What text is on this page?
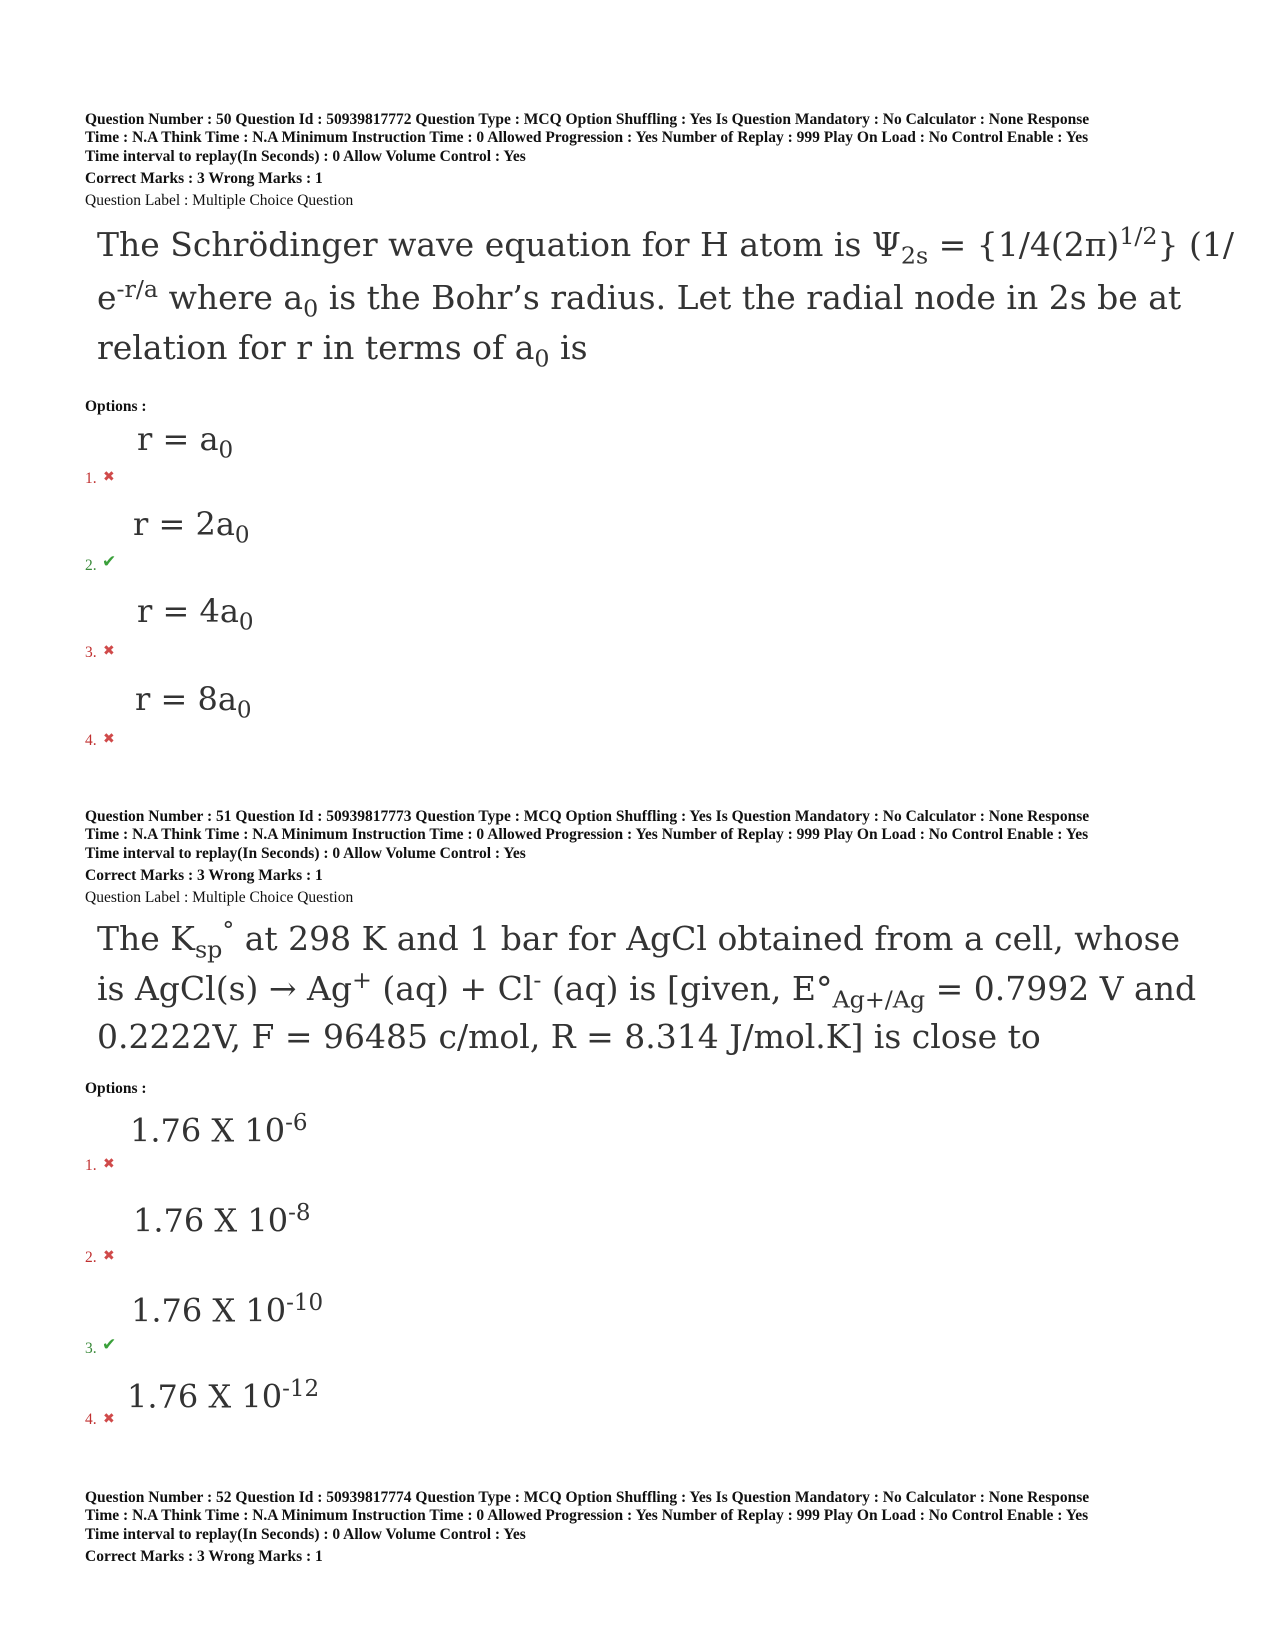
Question Number : 50 Question Id : 50939817772 Question Type : MCQ Option Shuffling : Yes Is Question Mandatory : No Calculator : None Response
Time : N.A Think Time : N.A Minimum Instruction Time : 0 Allowed Progression : Yes Number of Replay : 999 Play On Load : No Control Enable : Yes
Time interval to replay(In Seconds) : 0 Allow Volume Control : Yes
Correct Marks : 3 Wrong Marks : 1
Question Label : Multiple Choice Question
The Schrödinger wave equation for H atom is $\Psi_{2s} = \{1/4(2\pi)^{1/2}\}$ (1/
$e^{-r/a}$ where $a_0$ is the Bohr’s radius. Let the radial node in 2s be at
relation for r in terms of $a_0$ is
Options :
1. ✖
$r = a_0$
2. ✔
$r = 2a_0$
3. ✖
$r = 4a_0$
4. ✖
$r = 8a_0$
Question Number : 51 Question Id : 50939817773 Question Type : MCQ Option Shuffling : Yes Is Question Mandatory : No Calculator : None Response
Time : N.A Think Time : N.A Minimum Instruction Time : 0 Allowed Progression : Yes Number of Replay : 999 Play On Load : No Control Enable : Yes
Time interval to replay(In Seconds) : 0 Allow Volume Control : Yes
Correct Marks : 3 Wrong Marks : 1
Question Label : Multiple Choice Question
The $K_{sp}^\circ$ at 298 K and 1 bar for AgCl obtained from a cell, whose
is AgCl(s) → Ag+ (aq) + Cl- (aq) is [given, $E^\circ_{Ag+/Ag} = 0.7992$ V and
0.2222V, F = 96485 c/mol, R = 8.314 J/mol.K] is close to
Options :
1. ✖
1.76 X $10^{-6}$
2. ✖
1.76 X $10^{-8}$
3. ✔
1.76 X $10^{-10}$
4. ✖
1.76 X $10^{-12}$
Question Number : 52 Question Id : 50939817774 Question Type : MCQ Option Shuffling : Yes Is Question Mandatory : No Calculator : None Response
Time : N.A Think Time : N.A Minimum Instruction Time : 0 Allowed Progression : Yes Number of Replay : 999 Play On Load : No Control Enable : Yes
Time interval to replay(In Seconds) : 0 Allow Volume Control : Yes
Correct Marks : 3 Wrong Marks : 1
